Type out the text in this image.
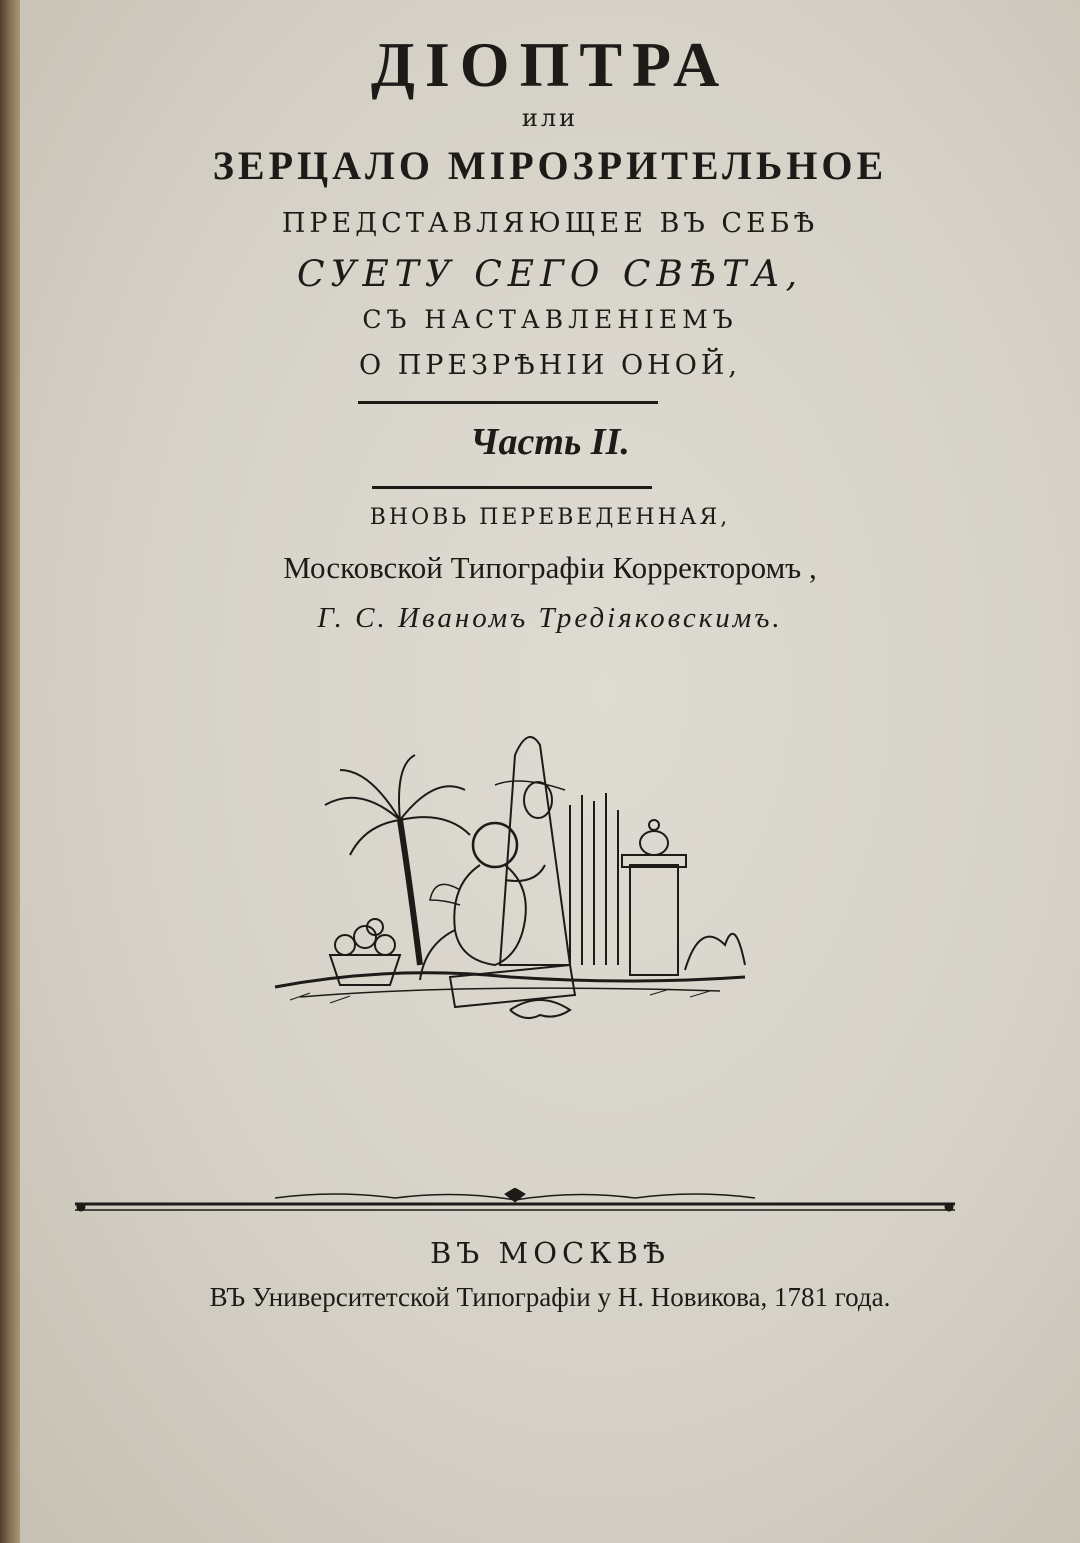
ДIОПТРА
или
ЗЕРЦАЛО МIРОЗРИТЕЛЬНОЕ
ПРЕДСТАВЛЯЮЩЕЕ ВЪ СЕБѢ
СУЕТУ СЕГО СВѢТА,
СЪ НАСТАВЛЕНIЕМЪ
О ПРЕЗРѢНIИ ОНОЙ,
Часть II.
ВНОВЬ ПЕРЕВЕДЕННАЯ,
Московской Типографiи Корректоромъ ,
Г. С. Иваномъ Тредiяковскимъ.
ВЪ МОСКВѢ
ВЪ Университетской Типографiи у Н. Новикова, 1781 года.
